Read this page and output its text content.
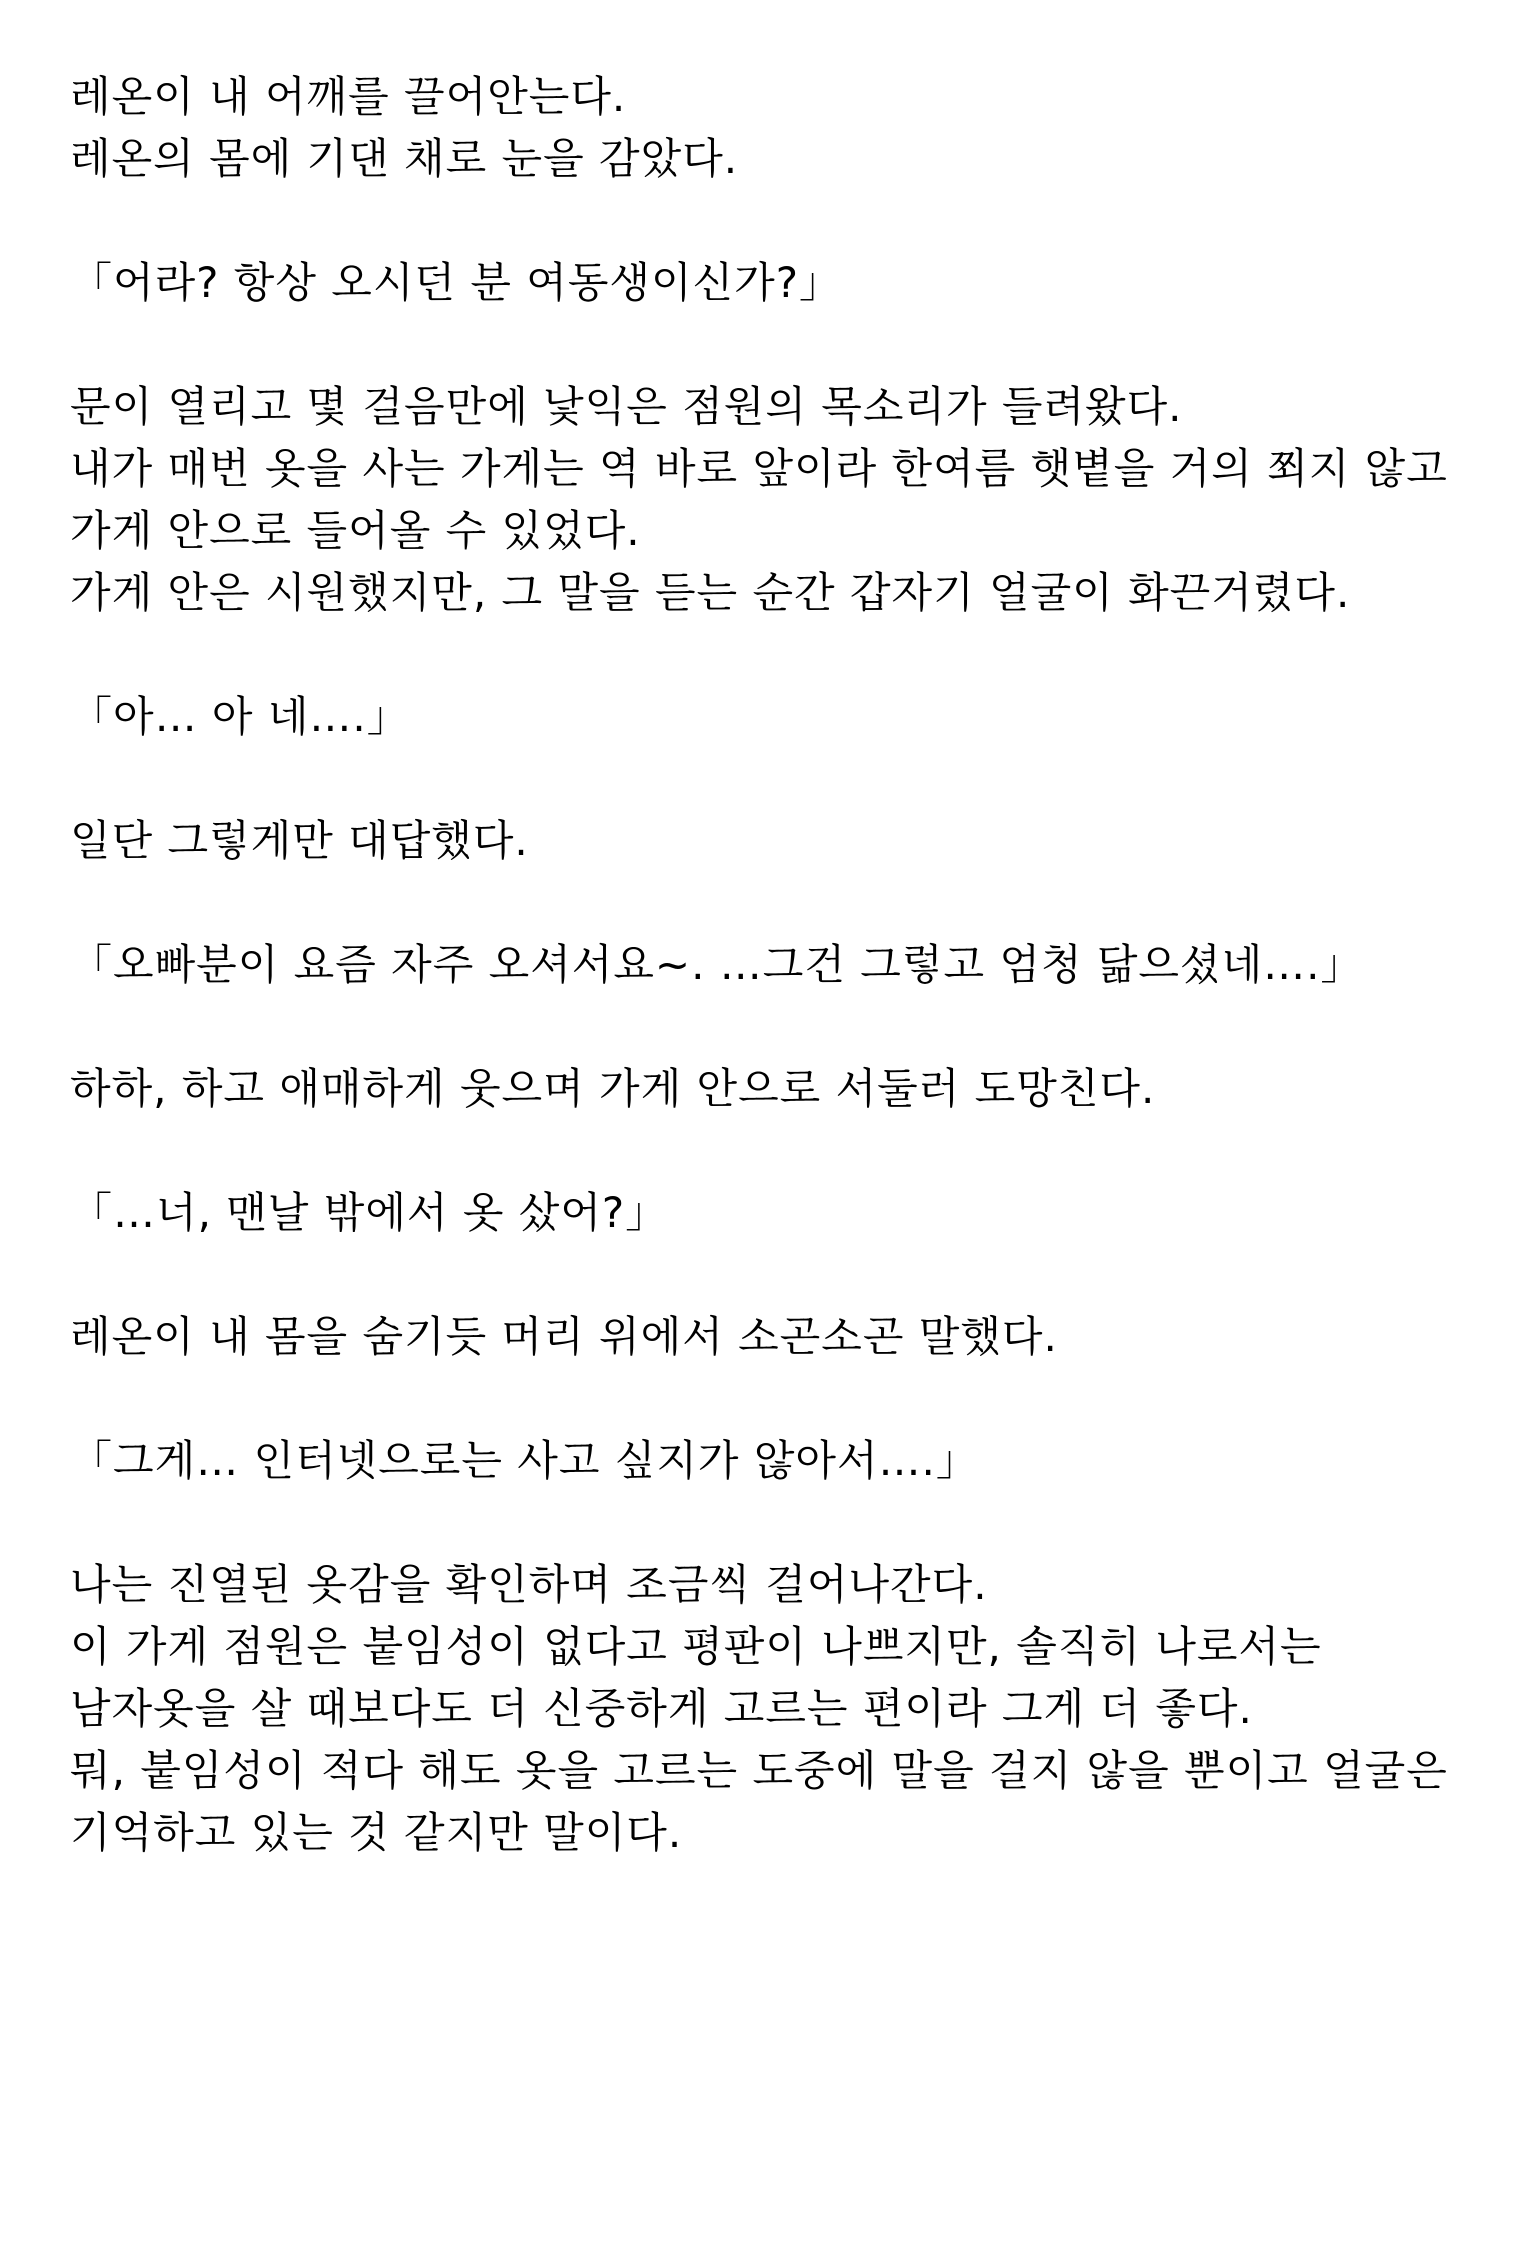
레온이 내 어깨를 끌어안는다.
레온의 몸에 기댄 채로 눈을 감았다.
「어라? 항상 오시던 분 여동생이신가?」
문이 열리고 몇 걸음만에 낯익은 점원의 목소리가 들려왔다.
내가 매번 옷을 사는 가게는 역 바로 앞이라 한여름 햇볕을 거의 쬐지 않고
가게 안으로 들어올 수 있었다.
가게 안은 시원했지만, 그 말을 듣는 순간 갑자기 얼굴이 화끈거렸다.
「아… 아 네….」
일단 그렇게만 대답했다.
「오빠분이 요즘 자주 오셔서요~. …그건 그렇고 엄청 닮으셨네….」
하하, 하고 애매하게 웃으며 가게 안으로 서둘러 도망친다.
「…너, 맨날 밖에서 옷 샀어?」
레온이 내 몸을 숨기듯 머리 위에서 소곤소곤 말했다.
「그게… 인터넷으로는 사고 싶지가 않아서….」
나는 진열된 옷감을 확인하며 조금씩 걸어나간다.
이 가게 점원은 붙임성이 없다고 평판이 나쁘지만, 솔직히 나로서는
남자옷을 살 때보다도 더 신중하게 고르는 편이라 그게 더 좋다.
뭐, 붙임성이 적다 해도 옷을 고르는 도중에 말을 걸지 않을 뿐이고 얼굴은
기억하고 있는 것 같지만 말이다.
